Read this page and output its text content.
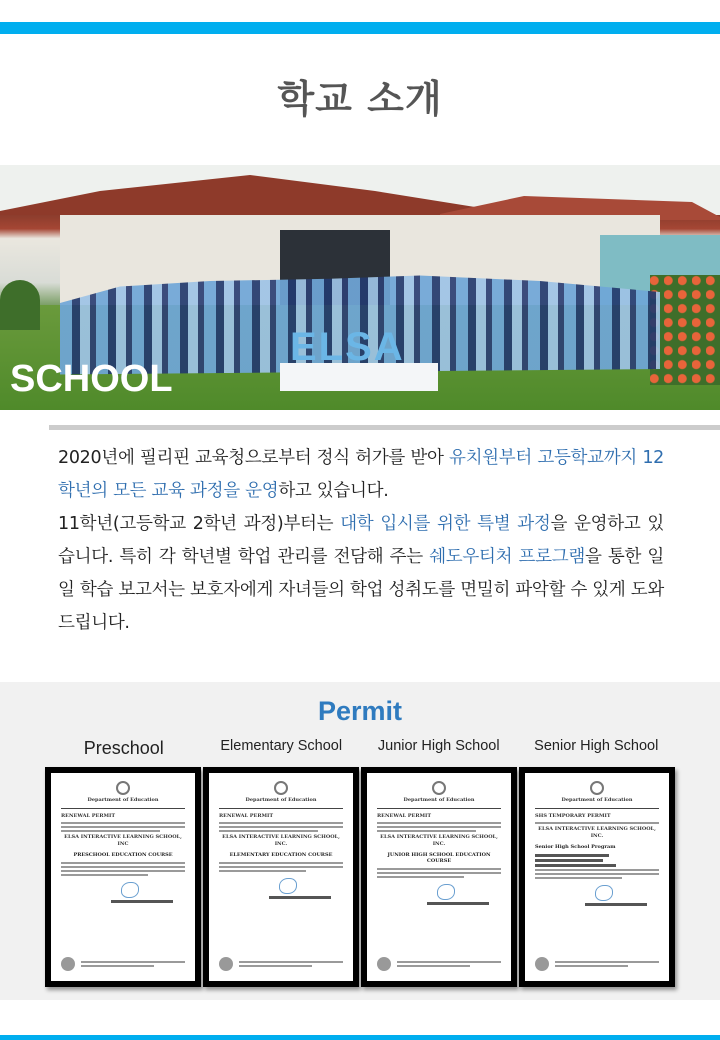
학교 소개
ELSA
SCHOOL

2020년에 필리핀 교육청으로부터 정식 허가를 받아 유치원부터 고등학교까지 12학년의 모든 교육 과정을 운영하고 있습니다.

11학년(고등학교 2학년 과정)부터는 대학 입시를 위한 특별 과정을 운영하고 있습니다. 특히 각 학년별 학업 관리를 전담해 주는 쉐도우티처 프로그램을 통한 일일 학습 보고서는 보호자에게 자녀들의 학업 성취도를 면밀히 파악할 수 있게 도와드립니다.

Permit
Preschool	Elementary School	Junior High School	Senior High School
Department of Education
RENEWAL PERMIT
ELSA INTERACTIVE LEARNING SCHOOL, INC
PRESCHOOL EDUCATION COURSE
Department of Education
RENEWAL PERMIT
ELSA INTERACTIVE LEARNING SCHOOL, INC.
ELEMENTARY EDUCATION COURSE
Department of Education
RENEWAL PERMIT
ELSA INTERACTIVE LEARNING SCHOOL, INC.
JUNIOR HIGH SCHOOL EDUCATION COURSE
Department of Education
SHS TEMPORARY PERMIT
ELSA INTERACTIVE LEARNING SCHOOL, INC.
Senior High School Program
